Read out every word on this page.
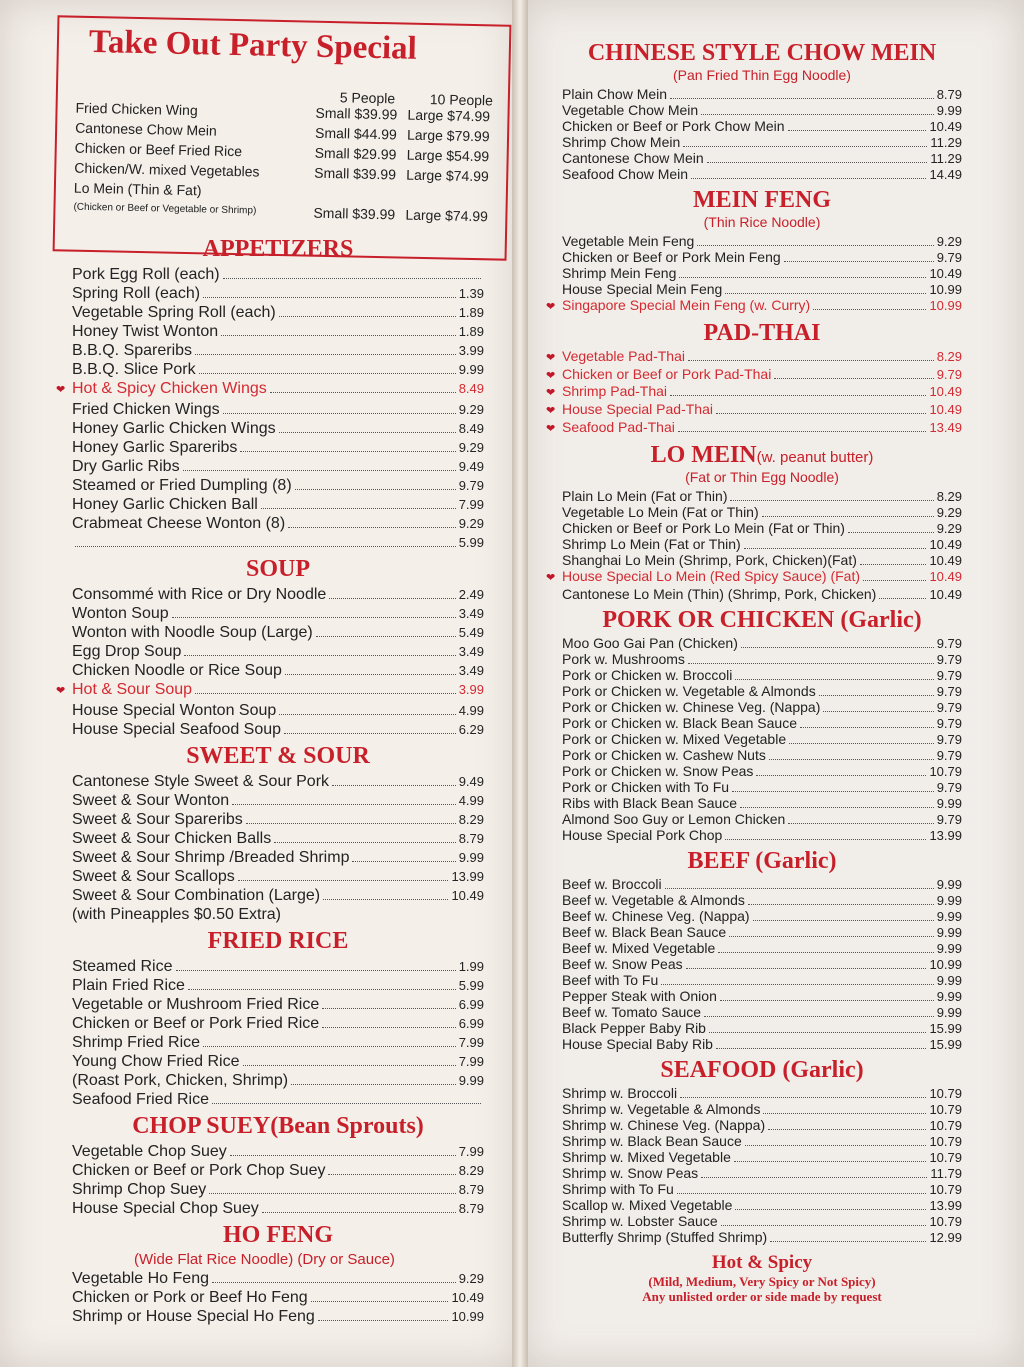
Take Out Party Special
5 People 10 People
Fried Chicken Wing	Small $39.99 Large $74.99
Cantonese Chow Mein	Small $44.99 Large $79.99
Chicken or Beef Fried Rice	Small $29.99 Large $54.99
Chicken/W. mixed Vegetables	Small $39.99 Large $74.99
Lo Mein (Thin & Fat)
(Chicken or Beef or Vegetable or Shrimp)	Small $39.99 Large $74.99
APPETIZERS
Pork Egg Roll (each)
Spring Roll (each)	1.39
Vegetable Spring Roll (each)	1.89
Honey Twist Wonton	1.89
B.B.Q. Spareribs	3.99
B.B.Q. Slice Pork	9.99
❤ Hot & Spicy Chicken Wings	8.49
Fried Chicken Wings	9.29
Honey Garlic Chicken Wings	8.49
Honey Garlic Spareribs	9.29
Dry Garlic Ribs	9.49
Steamed or Fried Dumpling (8)	9.79
Honey Garlic Chicken Ball	7.99
Crabmeat Cheese Wonton (8)	9.29
5.99
SOUP
Consommé with Rice or Dry Noodle	2.49
Wonton Soup	3.49
Wonton with Noodle Soup (Large)	5.49
Egg Drop Soup	3.49
Chicken Noodle or Rice Soup	3.49
❤ Hot & Sour Soup	3.99
House Special Wonton Soup	4.99
House Special Seafood Soup	6.29
SWEET & SOUR
Cantonese Style Sweet & Sour Pork	9.49
Sweet & Sour Wonton	4.99
Sweet & Sour Spareribs	8.29
Sweet & Sour Chicken Balls	8.79
Sweet & Sour Shrimp /Breaded Shrimp	9.99
Sweet & Sour Scallops	13.99
Sweet & Sour Combination (Large)	10.49
(with Pineapples $0.50 Extra)
FRIED RICE
Steamed Rice	1.99
Plain Fried Rice	5.99
Vegetable or Mushroom Fried Rice	6.99
Chicken or Beef or Pork Fried Rice	6.99
Shrimp Fried Rice	7.99
Young Chow Fried Rice	7.99
(Roast Pork, Chicken, Shrimp)	9.99
Seafood Fried Rice
CHOP SUEY(Bean Sprouts)
Vegetable Chop Suey	7.99
Chicken or Beef or Pork Chop Suey	8.29
Shrimp Chop Suey	8.79
House Special Chop Suey	8.79
HO FENG
(Wide Flat Rice Noodle) (Dry or Sauce)
Vegetable Ho Feng	9.29
Chicken or Pork or Beef Ho Feng	10.49
Shrimp or House Special Ho Feng	10.99
CHINESE STYLE CHOW MEIN
(Pan Fried Thin Egg Noodle)
Plain Chow Mein	8.79
Vegetable Chow Mein	9.99
Chicken or Beef or Pork Chow Mein	10.49
Shrimp Chow Mein	11.29
Cantonese Chow Mein	11.29
Seafood Chow Mein	14.49
MEIN FENG
(Thin Rice Noodle)
Vegetable Mein Feng	9.29
Chicken or Beef or Pork Mein Feng	9.79
Shrimp Mein Feng	10.49
House Special Mein Feng	10.99
❤ Singapore Special Mein Feng (w. Curry)	10.99
PAD-THAI
❤ Vegetable Pad-Thai	8.29
❤ Chicken or Beef or Pork Pad-Thai	9.79
❤ Shrimp Pad-Thai	10.49
❤ House Special Pad-Thai	10.49
❤ Seafood Pad-Thai	13.49
LO MEIN(w. peanut butter)
(Fat or Thin Egg Noodle)
Plain Lo Mein (Fat or Thin)	8.29
Vegetable Lo Mein (Fat or Thin)	9.29
Chicken or Beef or Pork Lo Mein (Fat or Thin)	9.29
Shrimp Lo Mein (Fat or Thin)	10.49
Shanghai Lo Mein (Shrimp, Pork, Chicken)(Fat)	10.49
❤ House Special Lo Mein (Red Spicy Sauce) (Fat)	10.49
Cantonese Lo Mein (Thin) (Shrimp, Pork, Chicken)	10.49
PORK OR CHICKEN (Garlic)
Moo Goo Gai Pan (Chicken)	9.79
Pork w. Mushrooms	9.79
Pork or Chicken w. Broccoli	9.79
Pork or Chicken w. Vegetable & Almonds	9.79
Pork or Chicken w. Chinese Veg. (Nappa)	9.79
Pork or Chicken w. Black Bean Sauce	9.79
Pork or Chicken w. Mixed Vegetable	9.79
Pork or Chicken w. Cashew Nuts	9.79
Pork or Chicken w. Snow Peas	10.79
Pork or Chicken with To Fu	9.79
Ribs with Black Bean Sauce	9.99
Almond Soo Guy or Lemon Chicken	9.79
House Special Pork Chop	13.99
BEEF (Garlic)
Beef w. Broccoli	9.99
Beef w. Vegetable & Almonds	9.99
Beef w. Chinese Veg. (Nappa)	9.99
Beef w. Black Bean Sauce	9.99
Beef w. Mixed Vegetable	9.99
Beef w. Snow Peas	10.99
Beef with To Fu	9.99
Pepper Steak with Onion	9.99
Beef w. Tomato Sauce	9.99
Black Pepper Baby Rib	15.99
House Special Baby Rib	15.99
SEAFOOD (Garlic)
Shrimp w. Broccoli	10.79
Shrimp w. Vegetable & Almonds	10.79
Shrimp w. Chinese Veg. (Nappa)	10.79
Shrimp w. Black Bean Sauce	10.79
Shrimp w. Mixed Vegetable	10.79
Shrimp w. Snow Peas	11.79
Shrimp with To Fu	10.79
Scallop w. Mixed Vegetable	13.99
Shrimp w. Lobster Sauce	10.79
Butterfly Shrimp (Stuffed Shrimp)	12.99
Hot & Spicy
(Mild, Medium, Very Spicy or Not Spicy)
Any unlisted order or side made by request
